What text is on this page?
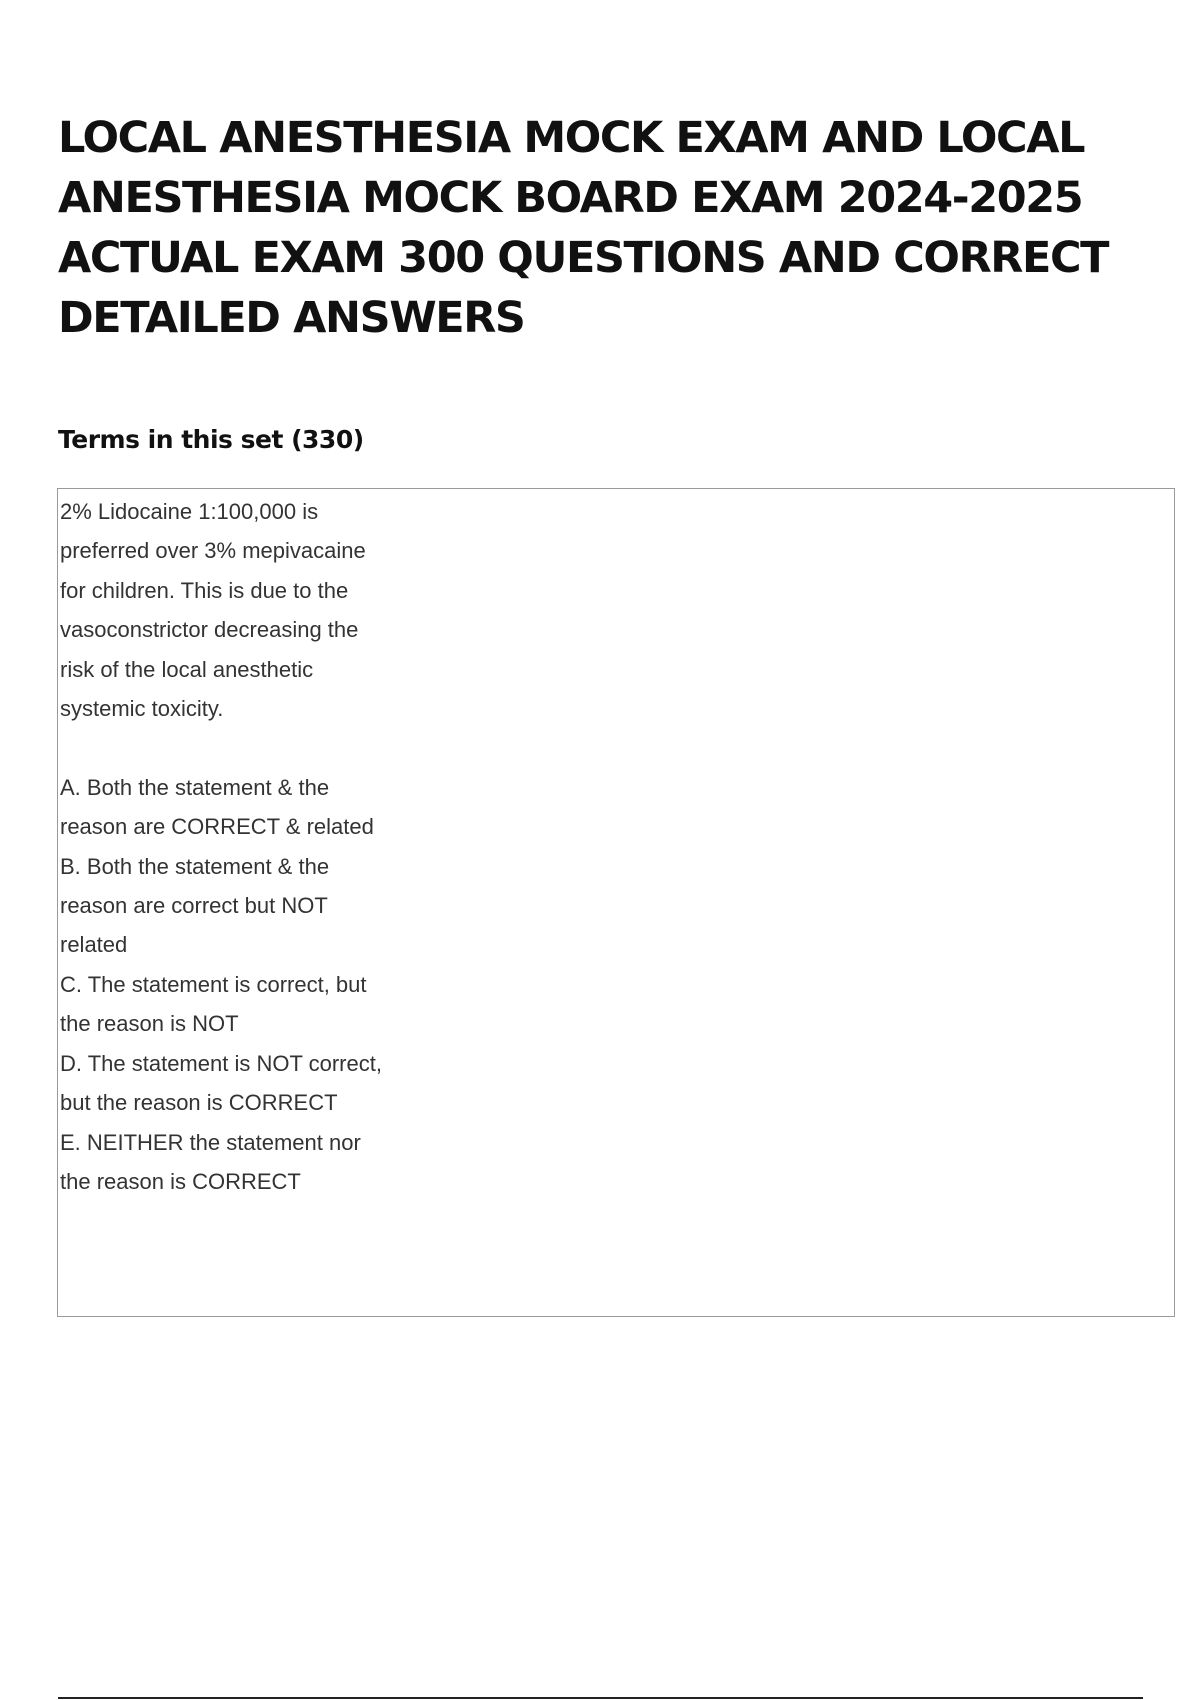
LOCAL ANESTHESIA MOCK EXAM AND LOCAL ANESTHESIA MOCK BOARD EXAM 2024-2025 ACTUAL EXAM 300 QUESTIONS AND CORRECT DETAILED ANSWERS
Terms in this set (330)

2% Lidocaine 1:100,000 is preferred over 3% mepivacaine for children. This is due to the vasoconstrictor decreasing the risk of the local anesthetic systemic toxicity.

A. Both the statement & the reason are CORRECT & related
B. Both the statement & the reason are correct but NOT related
C. The statement is correct, but the reason is NOT
D. The statement is NOT correct, but the reason is CORRECT
E. NEITHER the statement nor the reason is CORRECT
